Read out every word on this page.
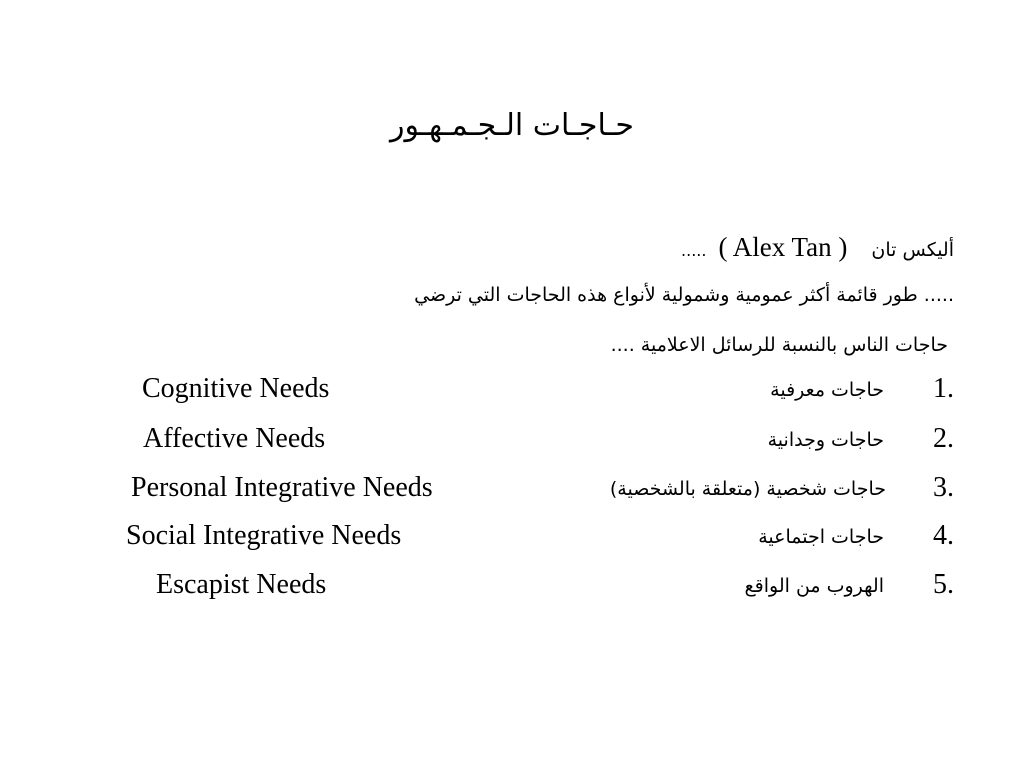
حـاجـات الـجـمـهـور
أليكس تان ( Alex Tan ) .....
..... طور قائمة أكثر عمومية وشمولية لأنواع هذه الحاجات التي ترضي
حاجات الناس بالنسبة للرسائل الاعلامية ....
1.
حاجات معرفية
Cognitive Needs
2.
حاجات وجدانية
Affective Needs
3.
حاجات شخصية (متعلقة بالشخصية)
Personal Integrative Needs
4.
حاجات اجتماعية
Social Integrative Needs
5.
الهروب من الواقع
Escapist Needs
